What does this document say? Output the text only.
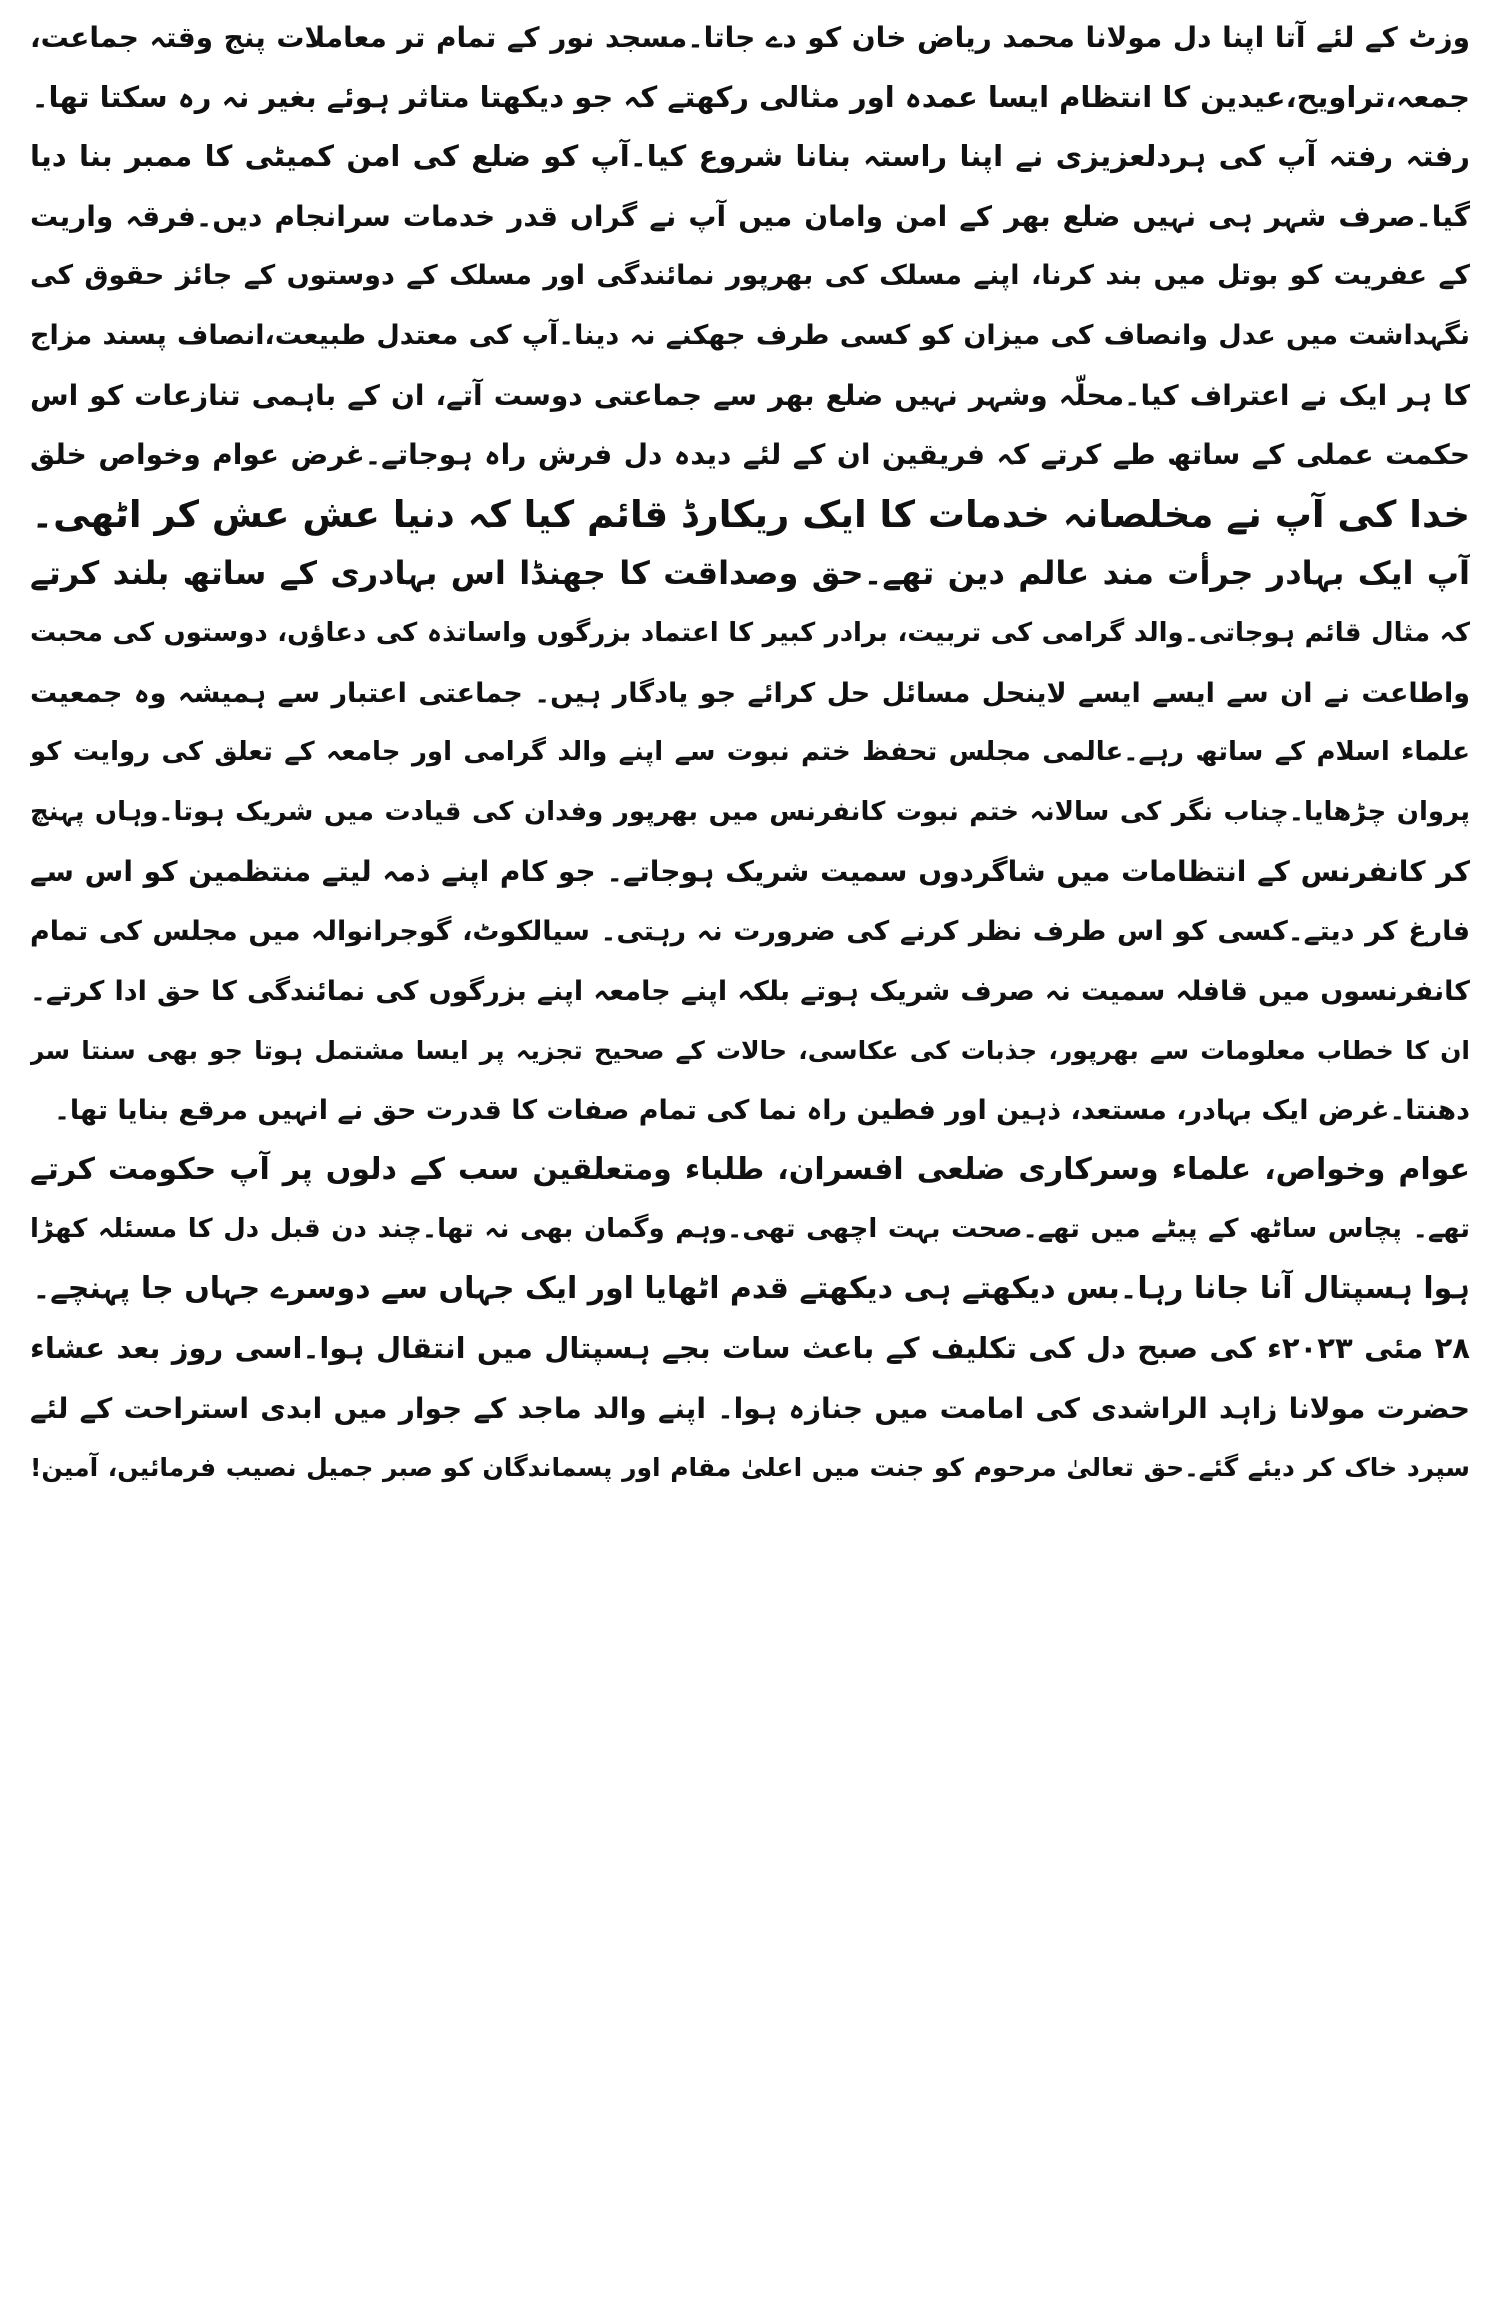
وزٹ کے لئے آتا اپنا دل مولانا محمد ریاض خان کو دے جاتا۔مسجد نور کے تمام تر معاملات پنج وقتہ جماعت،
جمعہ،تراویح،عیدین کا انتظام ایسا عمدہ اور مثالی رکھتے کہ جو دیکھتا متاثر ہوئے بغیر نہ رہ سکتا تھا۔
رفتہ رفتہ آپ کی ہردلعزیزی نے اپنا راستہ بنانا شروع کیا۔آپ کو ضلع کی امن کمیٹی کا ممبر بنا دیا
گیا۔صرف شہر ہی نہیں ضلع بھر کے امن وامان میں آپ نے گراں قدر خدمات سرانجام دیں۔فرقہ واریت
کے عفریت کو بوتل میں بند کرنا، اپنے مسلک کی بھرپور نمائندگی اور مسلک کے دوستوں کے جائز حقوق کی
نگہداشت میں عدل وانصاف کی میزان کو کسی طرف جھکنے نہ دینا۔آپ کی معتدل طبیعت،انصاف پسند مزاج
کا ہر ایک نے اعتراف کیا۔محلّہ وشہر نہیں ضلع بھر سے جماعتی دوست آتے، ان کے باہمی تنازعات کو اس
حکمت عملی کے ساتھ طے کرتے کہ فریقین ان کے لئے دیدہ دل فرش راہ ہوجاتے۔غرض عوام وخواص خلق
خدا کی آپ نے مخلصانہ خدمات کا ایک ریکارڈ قائم کیا کہ دنیا عش عش کر اٹھی۔
آپ ایک بہادر جرأت مند عالم دین تھے۔حق وصداقت کا جھنڈا اس بہادری کے ساتھ بلند کرتے
کہ مثال قائم ہوجاتی۔والد گرامی کی تربیت، برادر کبیر کا اعتماد بزرگوں واساتذہ کی دعاؤں، دوستوں کی محبت
واطاعت نے ان سے ایسے ایسے لاینحل مسائل حل کرائے جو یادگار ہیں۔ جماعتی اعتبار سے ہمیشہ وہ جمعیت
علماء اسلام کے ساتھ رہے۔عالمی مجلس تحفظ ختم نبوت سے اپنے والد گرامی اور جامعہ کے تعلق کی روایت کو
پروان چڑھایا۔چناب نگر کی سالانہ ختم نبوت کانفرنس میں بھرپور وفدان کی قیادت میں شریک ہوتا۔وہاں پہنچ
کر کانفرنس کے انتظامات میں شاگردوں سمیت شریک ہوجاتے۔ جو کام اپنے ذمہ لیتے منتظمین کو اس سے
فارغ کر دیتے۔کسی کو اس طرف نظر کرنے کی ضرورت نہ رہتی۔ سیالکوٹ، گوجرانوالہ میں مجلس کی تمام
کانفرنسوں میں قافلہ سمیت نہ صرف شریک ہوتے بلکہ اپنے جامعہ اپنے بزرگوں کی نمائندگی کا حق ادا کرتے۔
ان کا خطاب معلومات سے بھرپور، جذبات کی عکاسی، حالات کے صحیح تجزیہ پر ایسا مشتمل ہوتا جو بھی سنتا سر
دھنتا۔غرض ایک بہادر، مستعد، ذہین اور فطین راہ نما کی تمام صفات کا قدرت حق نے انہیں مرقع بنایا تھا۔
عوام وخواص، علماء وسرکاری ضلعی افسران، طلباء ومتعلقین سب کے دلوں پر آپ حکومت کرتے
تھے۔ پچاس ساٹھ کے پیٹے میں تھے۔صحت بہت اچھی تھی۔وہم وگمان بھی نہ تھا۔چند دن قبل دل کا مسئلہ کھڑا
ہوا ہسپتال آنا جانا رہا۔بس دیکھتے ہی دیکھتے قدم اٹھایا اور ایک جہاں سے دوسرے جہاں جا پہنچے۔
۲۸ مئی ۲۰۲۳ء کی صبح دل کی تکلیف کے باعث سات بجے ہسپتال میں انتقال ہوا۔اسی روز بعد عشاء
حضرت مولانا زاہد الراشدی کی امامت میں جنازہ ہوا۔ اپنے والد ماجد کے جوار میں ابدی استراحت کے لئے
سپرد خاک کر دیئے گئے۔حق تعالیٰ مرحوم کو جنت میں اعلیٰ مقام اور پسماندگان کو صبر جمیل نصیب فرمائیں، آمین!
